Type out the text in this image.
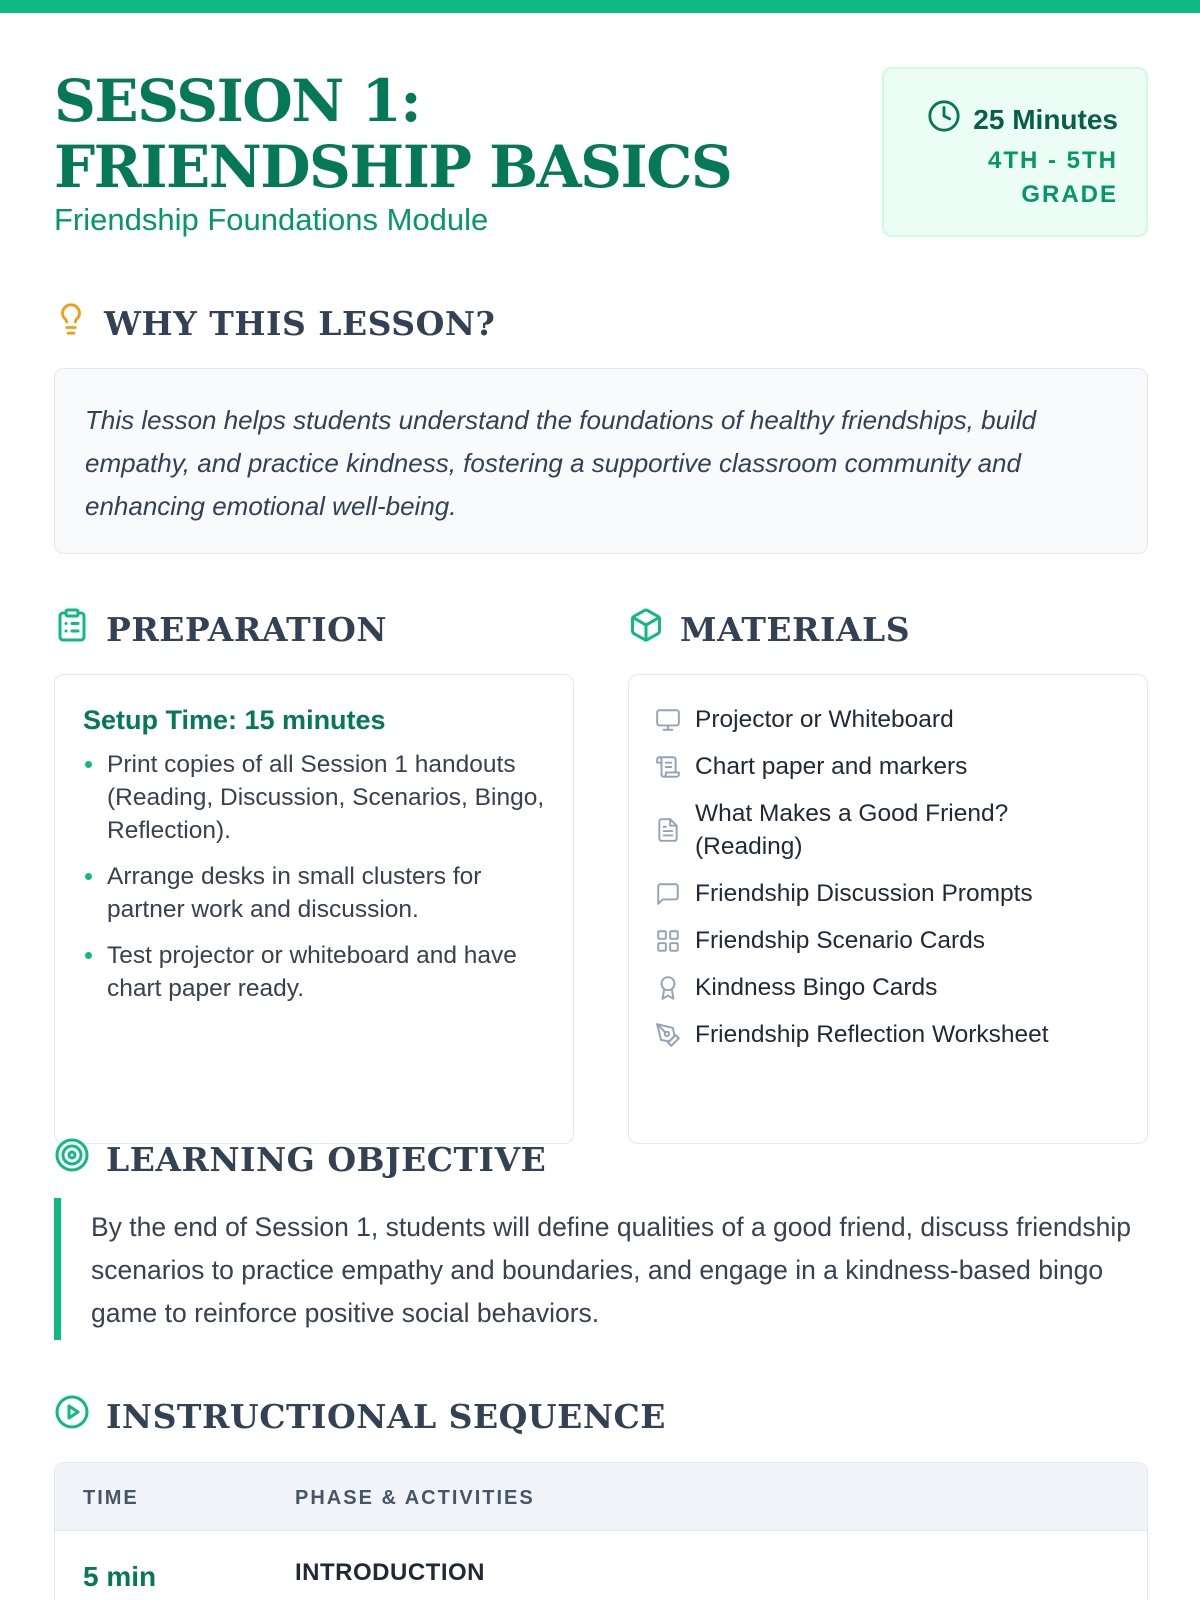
SESSION 1: FRIENDSHIP BASICS
Friendship Foundations Module
25 Minutes
4TH - 5TH GRADE
WHY THIS LESSON?
This lesson helps students understand the foundations of healthy friendships, build empathy, and practice kindness, fostering a supportive classroom community and enhancing emotional well-being.
PREPARATION
Setup Time: 15 minutes
Print copies of all Session 1 handouts (Reading, Discussion, Scenarios, Bingo, Reflection).
Arrange desks in small clusters for partner work and discussion.
Test projector or whiteboard and have chart paper ready.
MATERIALS
Projector or Whiteboard
Chart paper and markers
What Makes a Good Friend? (Reading)
Friendship Discussion Prompts
Friendship Scenario Cards
Kindness Bingo Cards
Friendship Reflection Worksheet
LEARNING OBJECTIVE
By the end of Session 1, students will define qualities of a good friend, discuss friendship scenarios to practice empathy and boundaries, and engage in a kindness-based bingo game to reinforce positive social behaviors.
INSTRUCTIONAL SEQUENCE
TIME	PHASE & ACTIVITIES
5 min	INTRODUCTION
